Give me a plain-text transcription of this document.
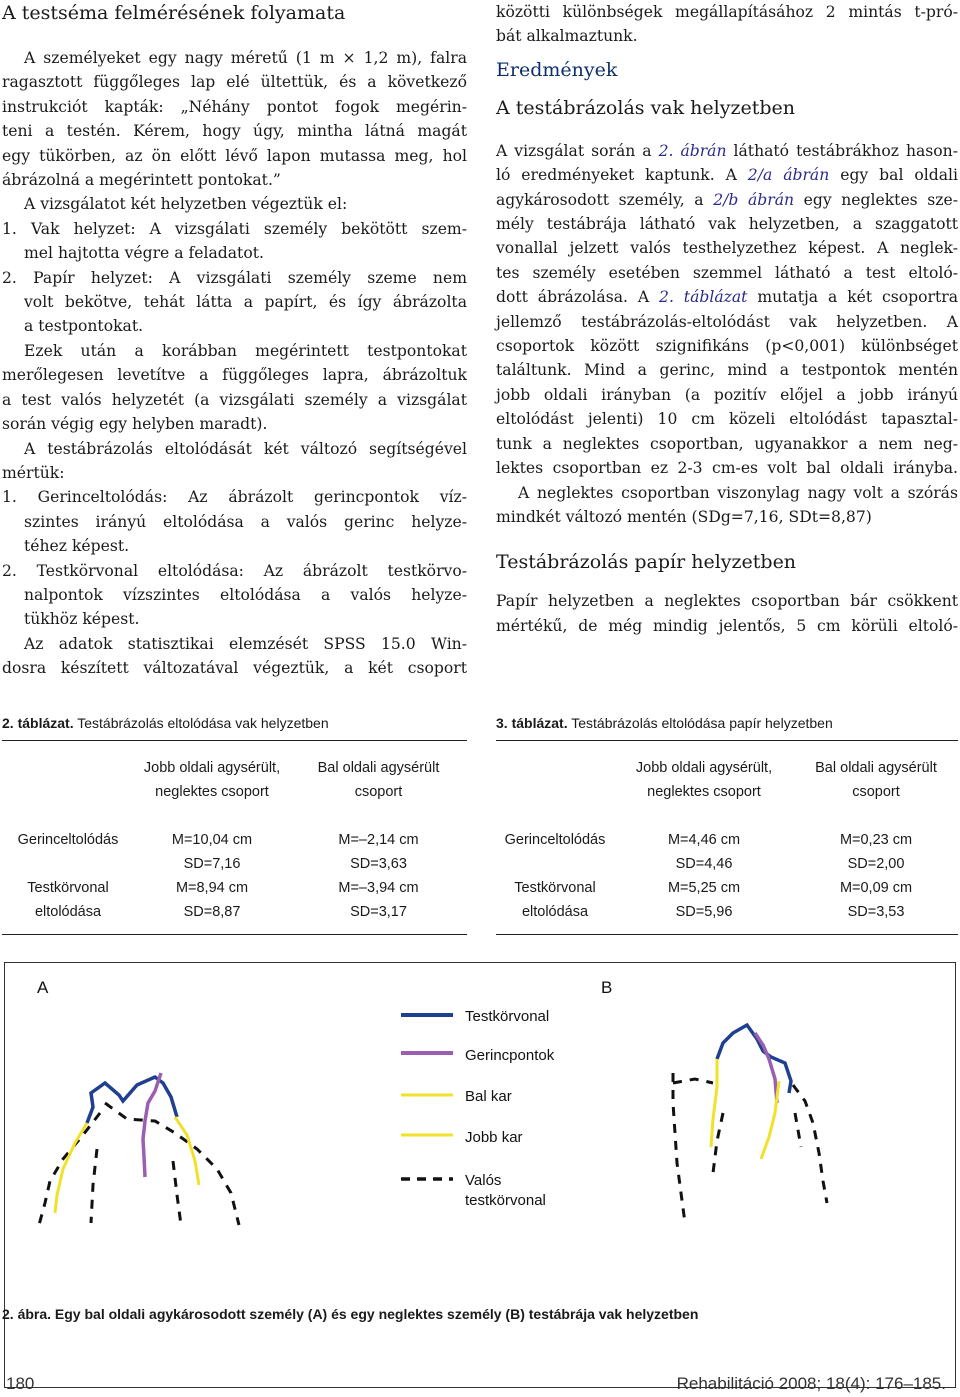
A testséma felmérésének folyamata

A személyeket egy nagy méretű (1 m × 1,2 m), falra

ragasztott függőleges lap elé ültettük, és a következő

instrukciót kapták: „Néhány pontot fogok megérin-

teni a testén. Kérem, hogy úgy, mintha látná magát

egy tükörben, az ön előtt lévő lapon mutassa meg, hol

ábrázolná a megérintett pontokat.”

A vizsgálatot két helyzetben végeztük el:

1. Vak helyzet: A vizsgálati személy bekötött szem-

mel hajtotta végre a feladatot.

2. Papír helyzet: A vizsgálati személy szeme nem

volt bekötve, tehát látta a papírt, és így ábrázolta

a testpontokat.

Ezek után a korábban megérintett testpontokat

merőlegesen levetítve a függőleges lapra, ábrázoltuk

a test valós helyzetét (a vizsgálati személy a vizsgálat

során végig egy helyben maradt).

A testábrázolás eltolódását két változó segítségével

mértük:

1. Gerinceltolódás: Az ábrázolt gerincpontok víz-

szintes irányú eltolódása a valós gerinc helyze-

téhez képest.

2. Testkörvonal eltolódása: Az ábrázolt testkörvo-

nalpontok vízszintes eltolódása a valós helyze-

tükhöz képest.

Az adatok statisztikai elemzését SPSS 15.0 Win-

dosra készített változatával végeztük, a két csoport

közötti különbségek megállapításához 2 mintás t-pró-

bát alkalmaztunk.

Eredmények
A testábrázolás vak helyzetben

A vizsgálat során a 2. ábrán látható testábrákhoz hason-

ló eredményeket kaptunk. A 2/a ábrán egy bal oldali

agykárosodott személy, a 2/b ábrán egy neglektes sze-

mély testábrája látható vak helyzetben, a szaggatott

vonallal jelzett valós testhelyzethez képest. A neglek-

tes személy esetében szemmel látható a test eltoló-

dott ábrázolása. A 2. táblázat mutatja a két csoportra

jellemző testábrázolás-eltolódást vak helyzetben. A

csoportok között szignifikáns (p<0,001) különbséget

találtunk. Mind a gerinc, mind a testpontok mentén

jobb oldali irányban (a pozitív előjel a jobb irányú

eltolódást jelenti) 10 cm közeli eltolódást tapasztal-

tunk a neglektes csoportban, ugyanakkor a nem neg-

lektes csoportban ez 2-3 cm-es volt bal oldali irányba.

A neglektes csoportban viszonylag nagy volt a szórás

mindkét változó mentén (SDg=7,16, SDt=8,87)

Testábrázolás papír helyzetben

Papír helyzetben a neglektes csoportban bár csökkent

mértékű, de még mindig jelentős, 5 cm körüli eltoló-

2. táblázat. Testábrázolás eltolódása vak helyzetben
	Jobb oldali agysérült,	Bal oldali agysérült
	neglektes csoport	csoport

Gerinceltolódás	M=10,04 cm	M=–2,14 cm
	SD=7,16	SD=3,63
Testkörvonal	M=8,94 cm	M=–3,94 cm
eltolódása	SD=8,87	SD=3,17
3. táblázat. Testábrázolás eltolódása papír helyzetben
	Jobb oldali agysérült,	Bal oldali agysérült
	neglektes csoport	csoport

Gerinceltolódás	M=4,46 cm	M=0,23 cm
	SD=4,46	SD=2,00
Testkörvonal	M=5,25 cm	M=0,09 cm
eltolódása	SD=5,96	SD=3,53
A	B
Testkörvonal
Gerincpontok
Bal kar
Jobb kar
Valós
testkörvonal
2. ábra. Egy bal oldali agykárosodott személy (A) és egy neglektes személy (B) testábrája vak helyzetben
180	Rehabilitáció 2008; 18(4): 176–185.
